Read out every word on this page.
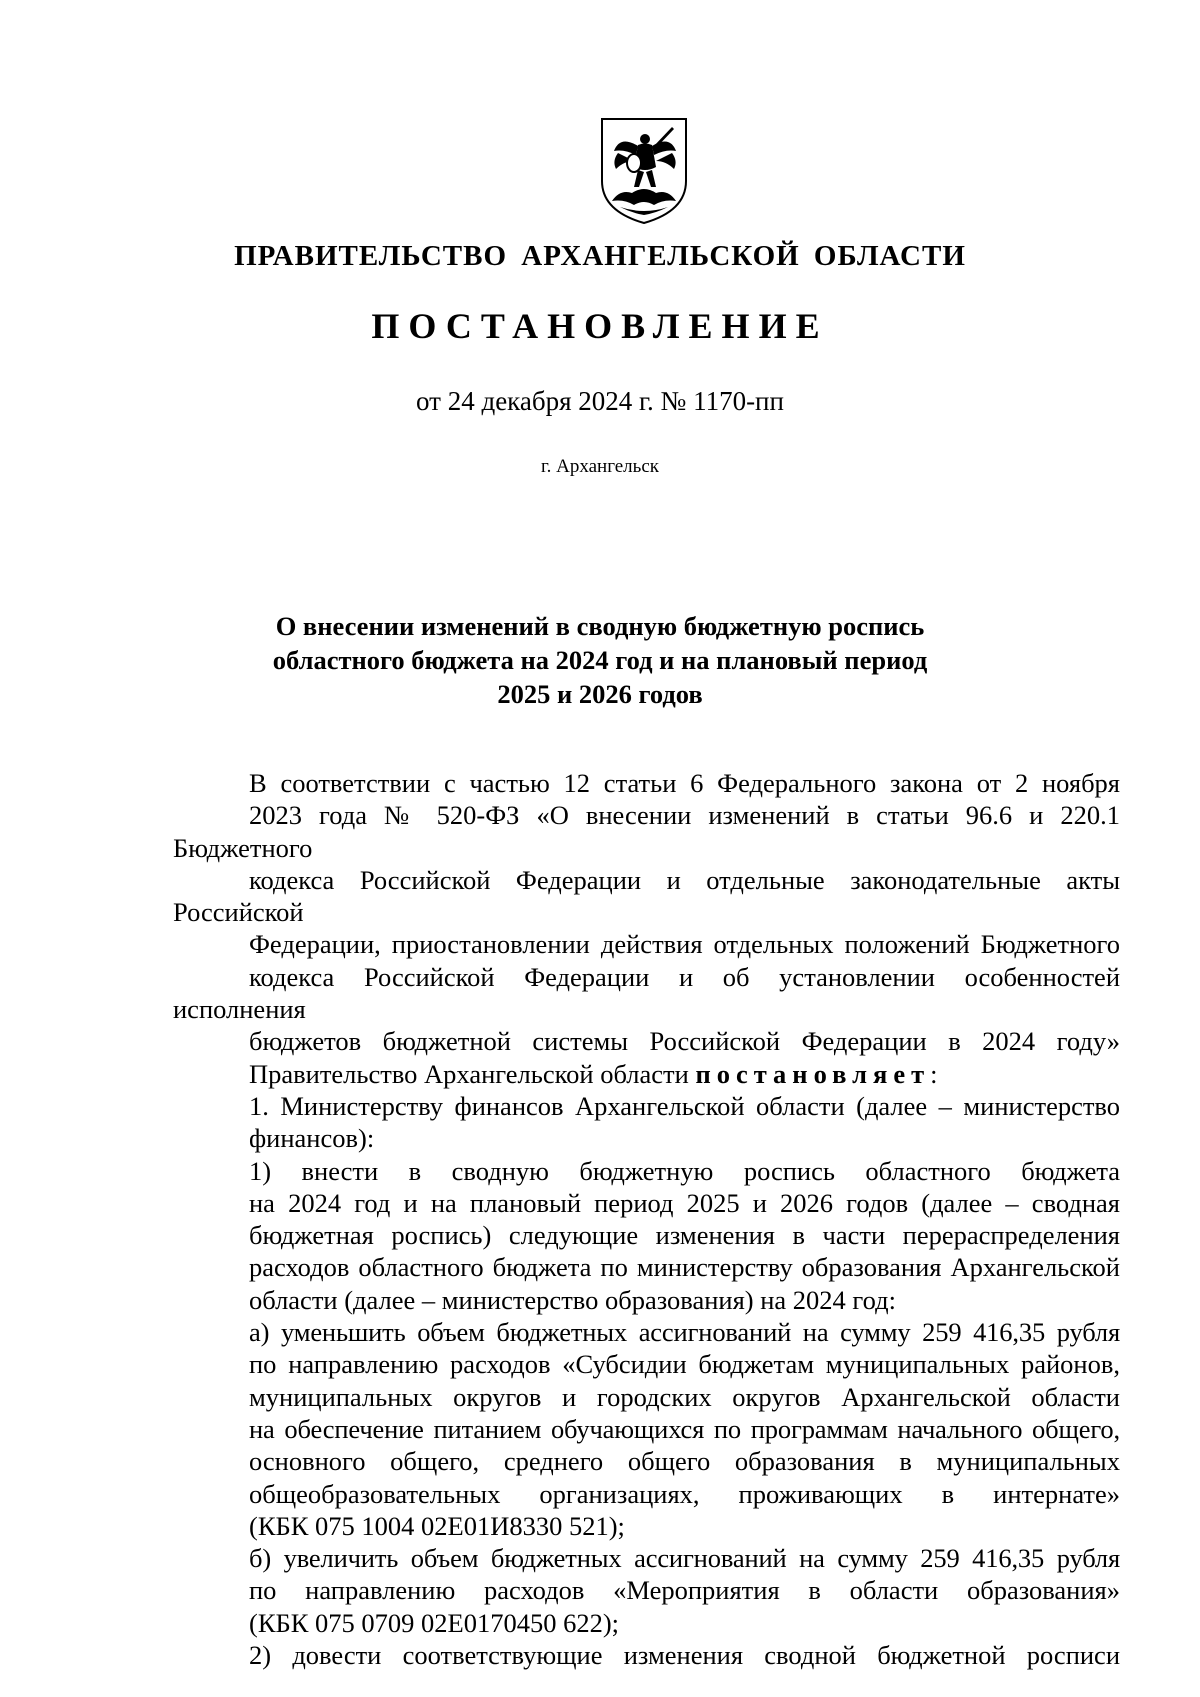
ПРАВИТЕЛЬСТВО АРХАНГЕЛЬСКОЙ ОБЛАСТИ
ПОСТАНОВЛЕНИЕ
от 24 декабря 2024 г. № 1170-пп
г. Архангельск
О внесении изменений в сводную бюджетную роспись
областного бюджета на 2024 год и на плановый период
2025 и 2026 годов

В соответствии с частью 12 статьи 6 Федерального закона от 2 ноября
2023 года № 520-ФЗ «О внесении изменений в статьи 96.6 и 220.1 Бюджетного
кодекса Российской Федерации и отдельные законодательные акты Российской
Федерации, приостановлении действия отдельных положений Бюджетного
кодекса Российской Федерации и об установлении особенностей исполнения
бюджетов бюджетной системы Российской Федерации в 2024 году»
Правительство Архангельской области постановляет:

1. Министерству финансов Архангельской области (далее – министерство
финансов):

1) внести в сводную бюджетную роспись областного бюджета
на 2024 год и на плановый период 2025 и 2026 годов (далее – сводная
бюджетная роспись) следующие изменения в части перераспределения
расходов областного бюджета по министерству образования Архангельской
области (далее – министерство образования) на 2024 год:

а) уменьшить объем бюджетных ассигнований на сумму 259 416,35 рубля
по направлению расходов «Субсидии бюджетам муниципальных районов,
муниципальных округов и городских округов Архангельской области
на обеспечение питанием обучающихся по программам начального общего,
основного общего, среднего общего образования в муниципальных
общеобразовательных организациях, проживающих в интернате»
(КБК 075 1004 02Е01И8330 521);

б) увеличить объем бюджетных ассигнований на сумму 259 416,35 рубля
по направлению расходов «Мероприятия в области образования»
(КБК 075 0709 02Е0170450 622);

2) довести соответствующие изменения сводной бюджетной росписи
